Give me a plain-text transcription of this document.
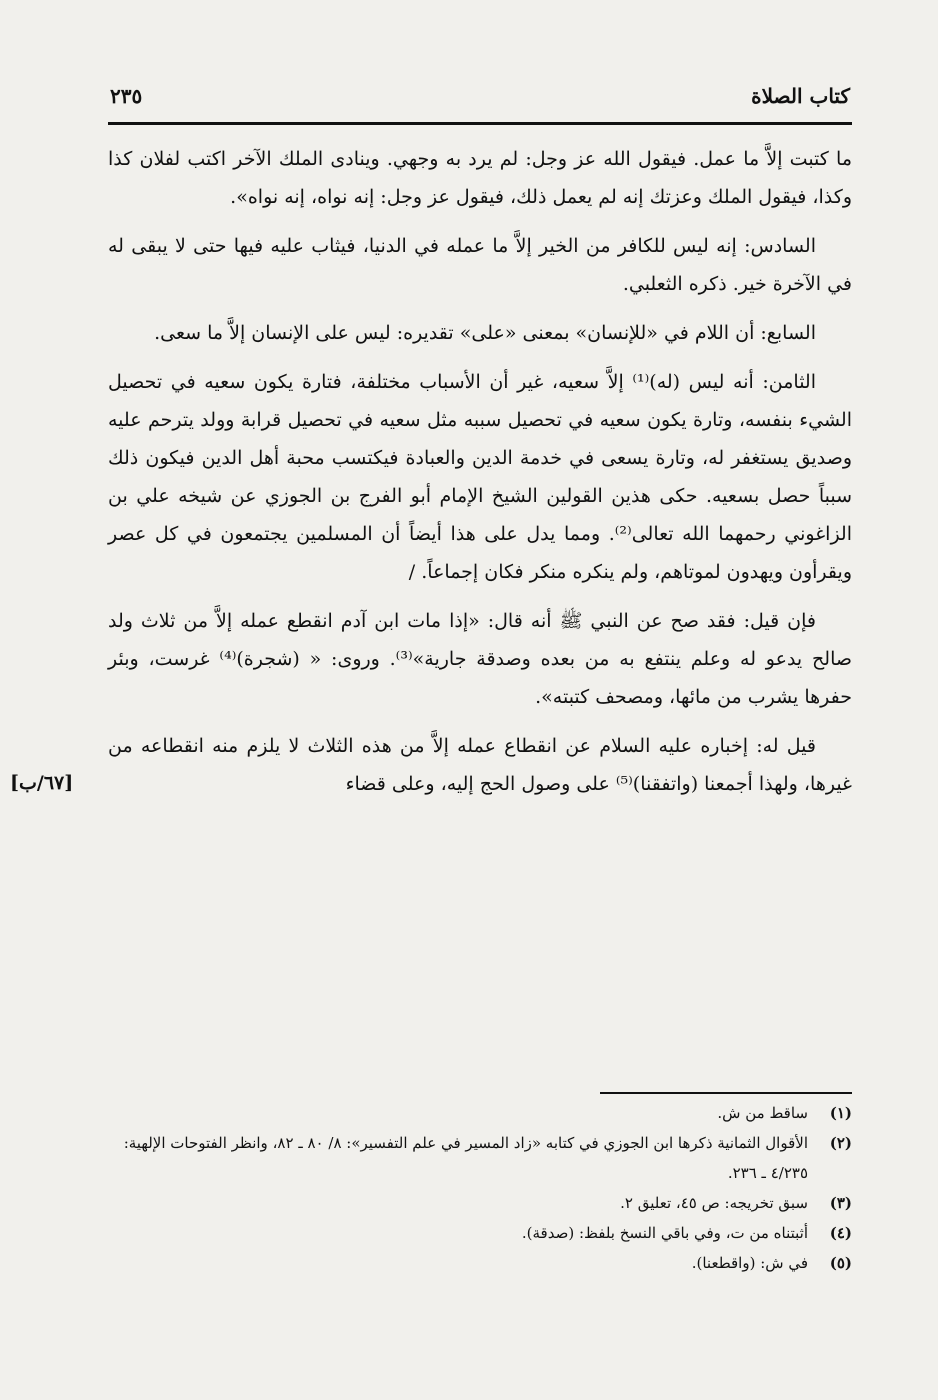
كتاب الصلاة
٢٣٥

ما كتبت إلاَّ ما عمل. فيقول الله عز وجل: لم يرد به وجهي. وينادى الملك الآخر اكتب لفلان كذا وكذا، فيقول الملك وعزتك إنه لم يعمل ذلك، فيقول عز وجل: إنه نواه، إنه نواه».

السادس: إنه ليس للكافر من الخير إلاَّ ما عمله في الدنيا، فيثاب عليه فيها حتى لا يبقى له في الآخرة خير. ذكره الثعلبي.

السابع: أن اللام في «للإنسان» بمعنى «على» تقديره: ليس على الإنسان إلاَّ ما سعى.

الثامن: أنه ليس (له)⁽¹⁾ إلاَّ سعيه، غير أن الأسباب مختلفة، فتارة يكون سعيه في تحصيل الشيء بنفسه، وتارة يكون سعيه في تحصيل سببه مثل سعيه في تحصيل قرابة وولد يترحم عليه وصديق يستغفر له، وتارة يسعى في خدمة الدين والعبادة فيكتسب محبة أهل الدين فيكون ذلك سبباً حصل بسعيه. حكى هذين القولين الشيخ الإمام أبو الفرج بن الجوزي عن شيخه علي بن الزاغوني رحمهما الله تعالى⁽²⁾. ومما يدل على هذا أيضاً أن المسلمين يجتمعون في كل عصر ويقرأون ويهدون لموتاهم، ولم ينكره منكر فكان إجماعاً. /

فإن قيل: فقد صح عن النبي ﷺ أنه قال: «إذا مات ابن آدم انقطع عمله إلاَّ من ثلاث ولد صالح يدعو له وعلم ينتفع به من بعده وصدقة جارية»⁽³⁾. وروى: « (شجرة)⁽⁴⁾ غرست، وبئر حفرها يشرب من مائها، ومصحف كتبته».

قيل له: إخباره عليه السلام عن انقطاع عمله إلاَّ من هذه الثلاث لا يلزم منه انقطاعه من غيرها، ولهذا أجمعنا (واتفقنا)⁽⁵⁾ على وصول الحج إليه، وعلى قضاء

[٦٧/ب]
(١)
ساقط من ش.
(٢)
الأقوال الثمانية ذكرها ابن الجوزي في كتابه «زاد المسير في علم التفسير»: ٨/ ٨٠ ـ ٨٢، وانظر الفتوحات الإلهية: ٤/٢٣٥ ـ ٢٣٦.
(٣)
سبق تخريجه: ص ٤٥، تعليق ٢.
(٤)
أثبتناه من ت، وفي باقي النسخ بلفظ: (صدقة).
(٥)
في ش: (واقطعنا).
